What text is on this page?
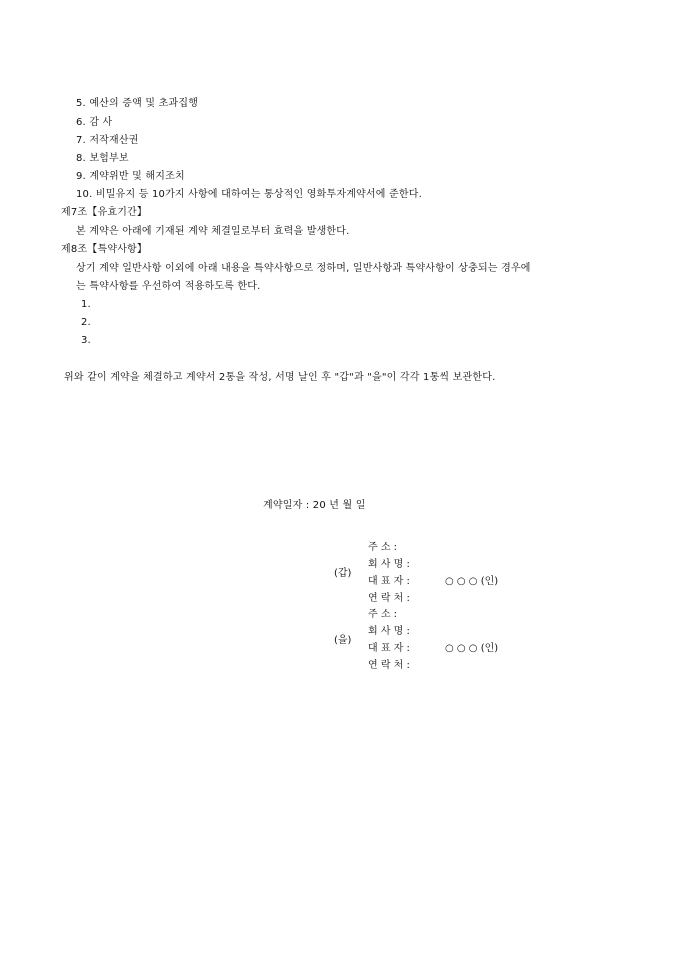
5. 예산의 증액 및 초과집행
6. 감 사
7. 저작재산권
8. 보험부보
9. 계약위반 및 해지조치
10. 비밀유지 등 10가지 사항에 대하여는 통상적인 영화투자계약서에 준한다.
제7조【유효기간】
본 계약은 아래에 기재된 계약 체결일로부터 효력을 발생한다.
제8조【특약사항】
상기 계약 일반사항 이외에 아래 내용을 특약사항으로 정하며, 일반사항과 특약사항이 상충되는 경우에
는 특약사항를 우선하여 적용하도록 한다.
1.
2.
3.
위와 같이 계약을 체결하고 계약서 2통을 작성, 서명 날인 후 "갑"과 "을"이 각각 1통씩 보관한다.
계약일자 : 20 년 월 일
(갑)
주 소 :
회 사 명 :
대 표 자 :	○ ○ ○ (인)
연 락 처 :
(을)
주 소 :
회 사 명 :
대 표 자 :	○ ○ ○ (인)
연 락 처 :
